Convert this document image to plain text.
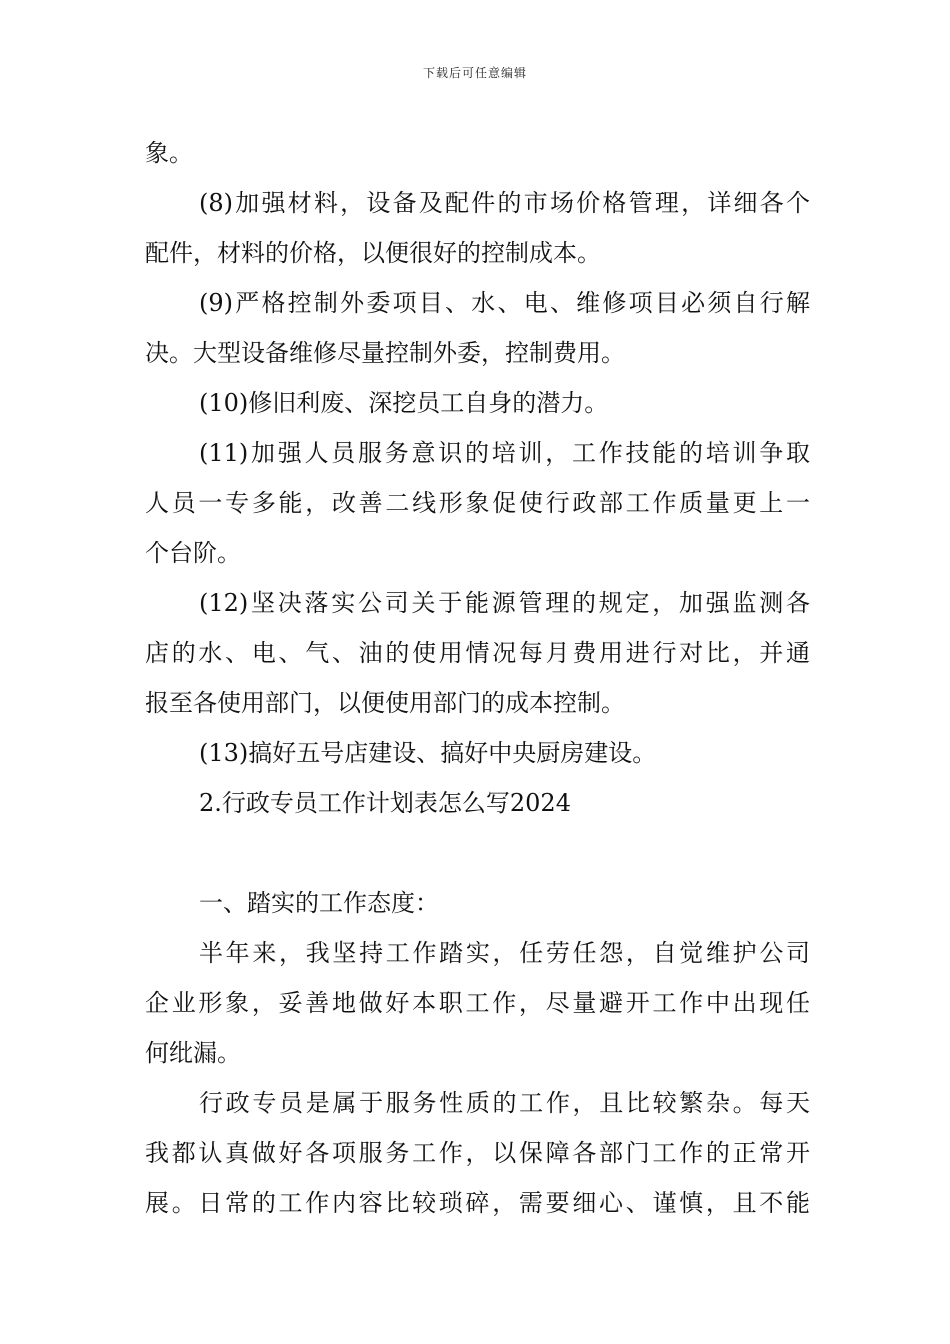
下载后可任意编辑
象。
(8)加强材料，设备及配件的市场价格管理，详细各个
配件，材料的价格，以便很好的控制成本。
(9)严格控制外委项目、水、电、维修项目必须自行解
决。大型设备维修尽量控制外委，控制费用。
(10)修旧利废、深挖员工自身的潜力。
(11)加强人员服务意识的培训，工作技能的培训争取
人员一专多能，改善二线形象促使行政部工作质量更上一
个台阶。
(12)坚决落实公司关于能源管理的规定，加强监测各
店的水、电、气、油的使用情况每月费用进行对比，并通
报至各使用部门，以便使用部门的成本控制。
(13)搞好五号店建设、搞好中央厨房建设。
2.行政专员工作计划表怎么写2024
一、踏实的工作态度：
半年来，我坚持工作踏实，任劳任怨，自觉维护公司
企业形象，妥善地做好本职工作，尽量避开工作中出现任
何纰漏。
行政专员是属于服务性质的工作，且比较繁杂。每天
我都认真做好各项服务工作，以保障各部门工作的正常开
展。日常的工作内容比较琐碎，需要细心、谨慎，且不能
